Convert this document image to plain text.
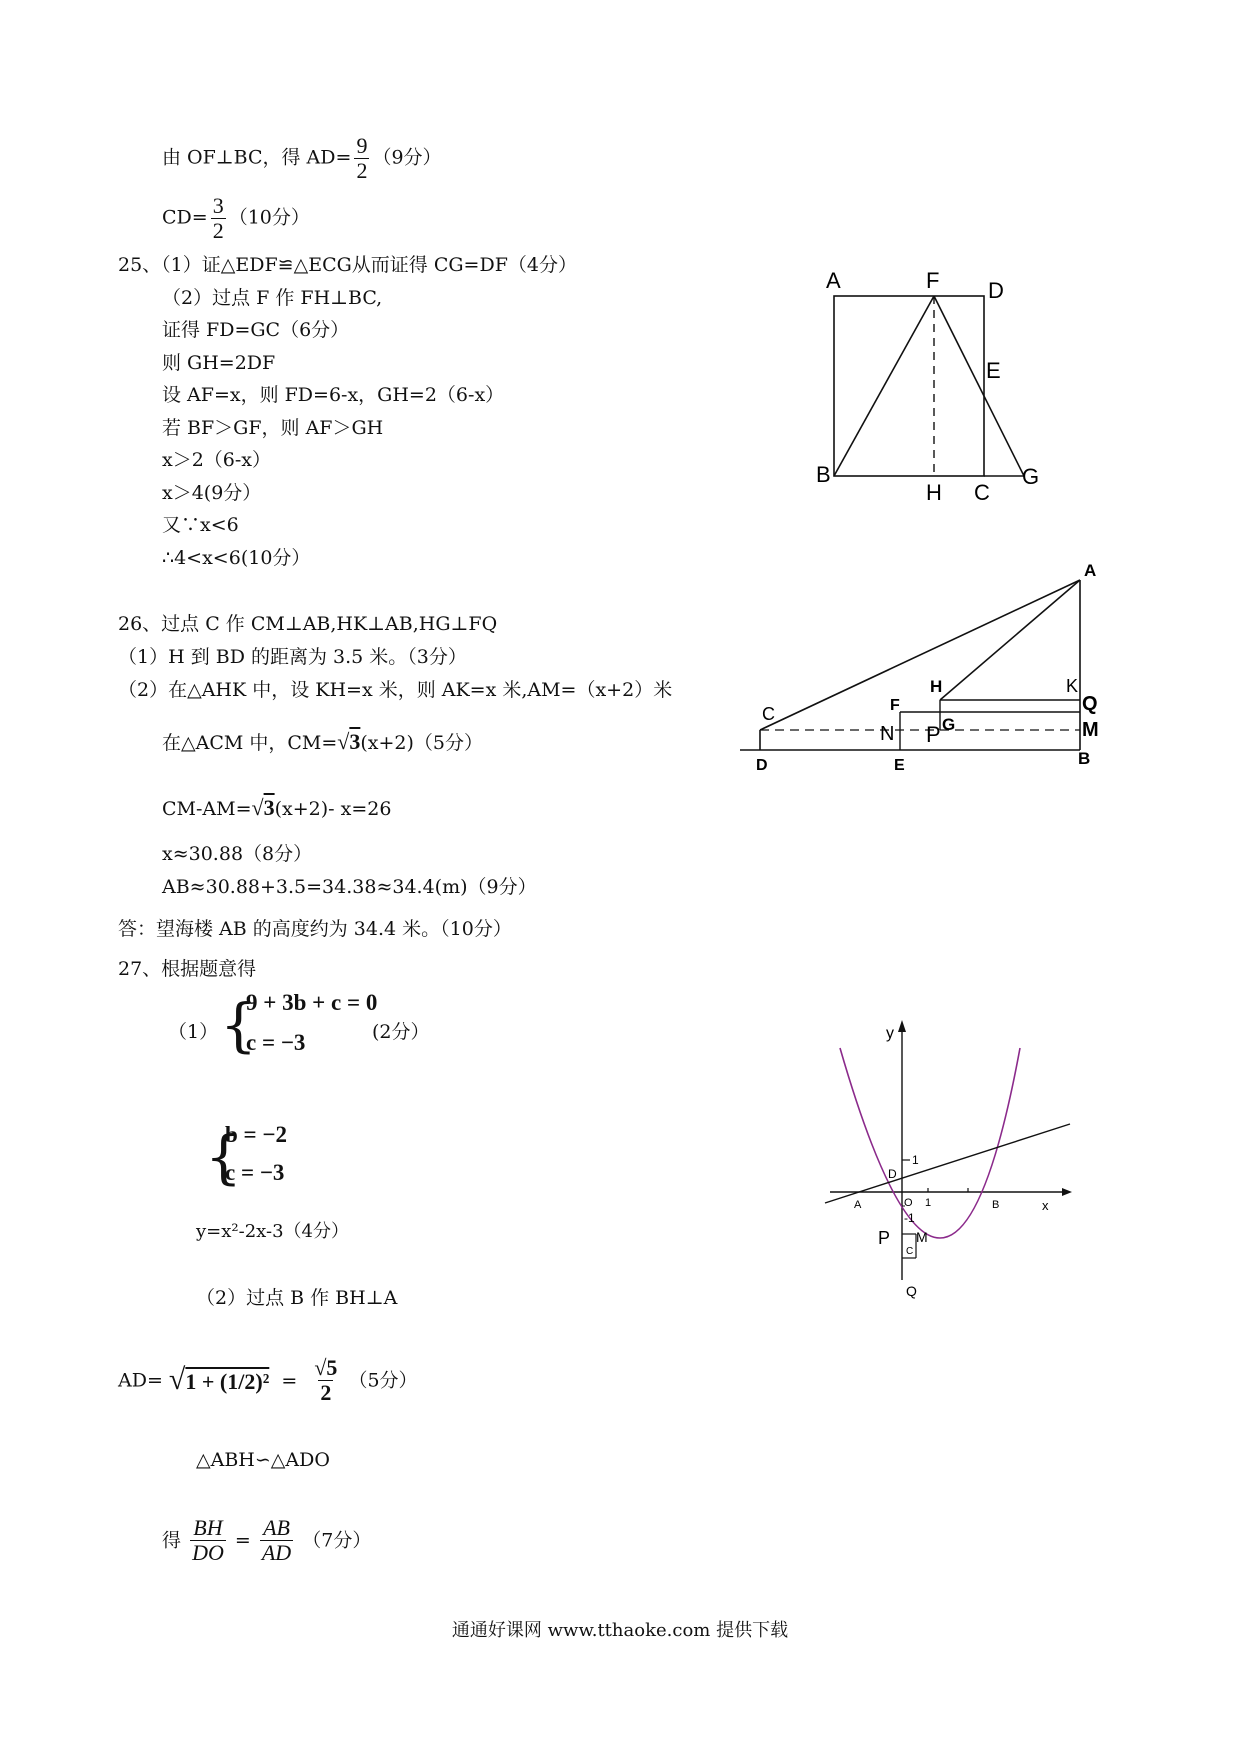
由 OF⊥BC，得 $AD= \frac{9}{2} (9$分）
$CD= \frac{3}{2} (10$分）
25、（1）证△EDF≌△ECG从而证得 CG=DF（4分）
（2）过点 F 作 FH⊥BC,
证得 FD=GC（6分）
则 GH=2DF
设 AF=x，则 FD=6-x，GH=2（6-x）
若 BF＞GF，则 AF＞GH
x＞2（6-x）
x＞4(9分）
又∵x<6
∴4<x<6(10分）
26、过点 C 作 CM⊥AB,HK⊥AB,HG⊥FQ
（1）H 到 BD 的距离为 3.5 米。（3分）
（2）在△AHK 中，设 KH=x 米，则 AK=x 米,AM=（x+2）米
在△ACM 中，CM=√3(x+2)（5分）
CM-AM=√3(x+2)- x=26
x≈30.88（8分）
AB≈30.88+3.5=34.38≈34.4(m)（9分）
答：望海楼 AB 的高度约为 34.4 米。（10分）
27、根据题意得
（1） {
9 + 3b + c = 0
c = −3	(2分）
{
b = −2
c = −3
y=x²-2x-3（4分）
（2）过点 B 作 BH⊥A
$AD= √1 + (1/2)^2 = \frac{√5}{2} (5$分）
△ABH∽△ADO
得 $\frac{BH}{DO} = \frac{AB}{AD} (7$分）
A	F D
E
B
H C
G
A
C
H	K
Q
F
G
N P	M
D	E	B
y
x
D
1
A	O 1	B
-1
P M
C
Q
通通好课网 www.tthaoke.com 提供下载
